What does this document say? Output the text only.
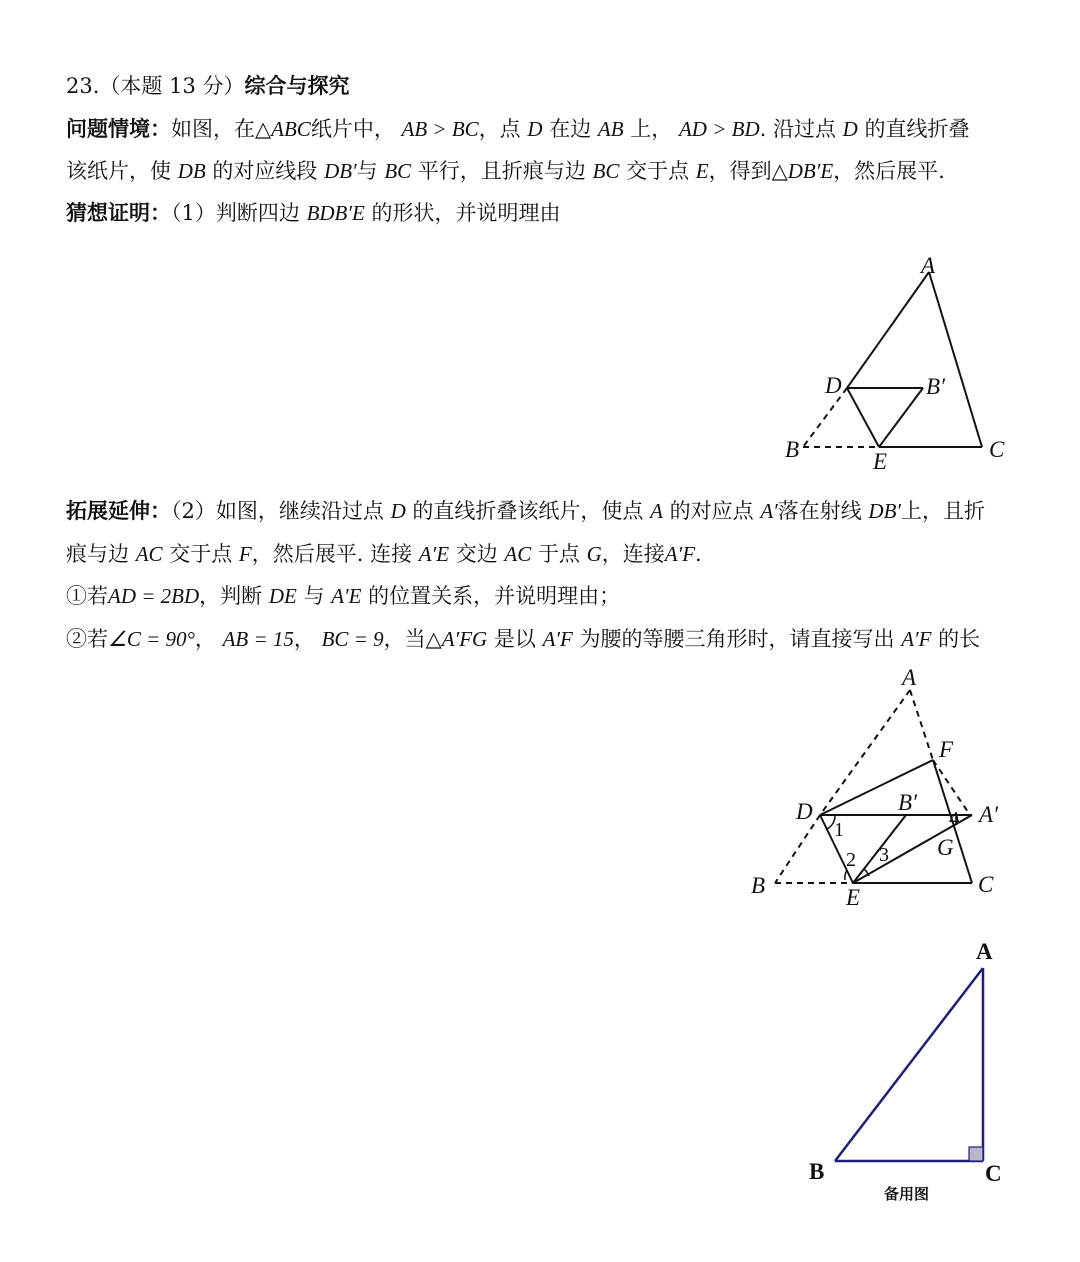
23.（本题 13 分）综合与探究
问题情境：如图，在△ABC纸片中， AB > BC，点 D 在边 AB 上， AD > BD. 沿过点 D 的直线折叠
该纸片，使 DB 的对应线段 DB′与 BC 平行，且折痕与边 BC 交于点 E，得到△DB′E，然后展平.
猜想证明：（1）判断四边 BDB′E 的形状，并说明理由
A
D	B′
B	E	C
拓展延伸：（2）如图，继续沿过点 D 的直线折叠该纸片，使点 A 的对应点 A′落在射线 DB′上，且折
痕与边 AC 交于点 F，然后展平. 连接 A′E 交边 AC 于点 G，连接A′F.
①若AD = 2BD，判断 DE 与 A′E 的位置关系，并说明理由；
②若∠C = 90°， AB = 15， BC = 9，当△A′FG 是以 A′F 为腰的等腰三角形时，请直接写出 A′F 的长
A
F
D	B′	A′
4
1
3
2	G
B	E
C
A
B	C
备用图
